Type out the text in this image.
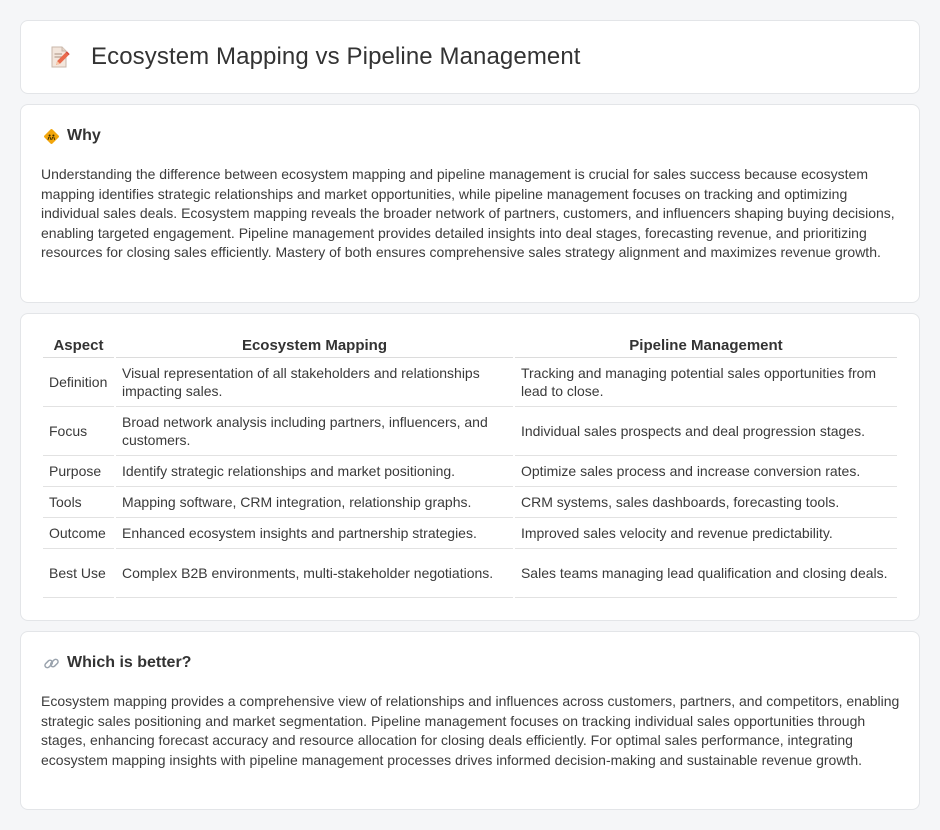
Ecosystem Mapping vs Pipeline Management
Why

Understanding the difference between ecosystem mapping and pipeline management is crucial for sales success because ecosystem mapping identifies strategic relationships and market opportunities, while pipeline management focuses on tracking and optimizing individual sales deals. Ecosystem mapping reveals the broader network of partners, customers, and influencers shaping buying decisions, enabling targeted engagement. Pipeline management provides detailed insights into deal stages, forecasting revenue, and prioritizing resources for closing sales efficiently. Mastery of both ensures comprehensive sales strategy alignment and maximizes revenue growth.

Aspect	Ecosystem Mapping	Pipeline Management
Definition	Visual representation of all stakeholders and relationships impacting sales.	Tracking and managing potential sales opportunities from lead to close.
Focus	Broad network analysis including partners, influencers, and customers.	Individual sales prospects and deal progression stages.
Purpose	Identify strategic relationships and market positioning.	Optimize sales process and increase conversion rates.
Tools	Mapping software, CRM integration, relationship graphs.	CRM systems, sales dashboards, forecasting tools.
Outcome	Enhanced ecosystem insights and partnership strategies.	Improved sales velocity and revenue predictability.
Best Use	Complex B2B environments, multi-stakeholder negotiations.	Sales teams managing lead qualification and closing deals.
Which is better?

Ecosystem mapping provides a comprehensive view of relationships and influences across customers, partners, and competitors, enabling strategic sales positioning and market segmentation. Pipeline management focuses on tracking individual sales opportunities through stages, enhancing forecast accuracy and resource allocation for closing deals efficiently. For optimal sales performance, integrating ecosystem mapping insights with pipeline management processes drives informed decision-making and sustainable revenue growth.
